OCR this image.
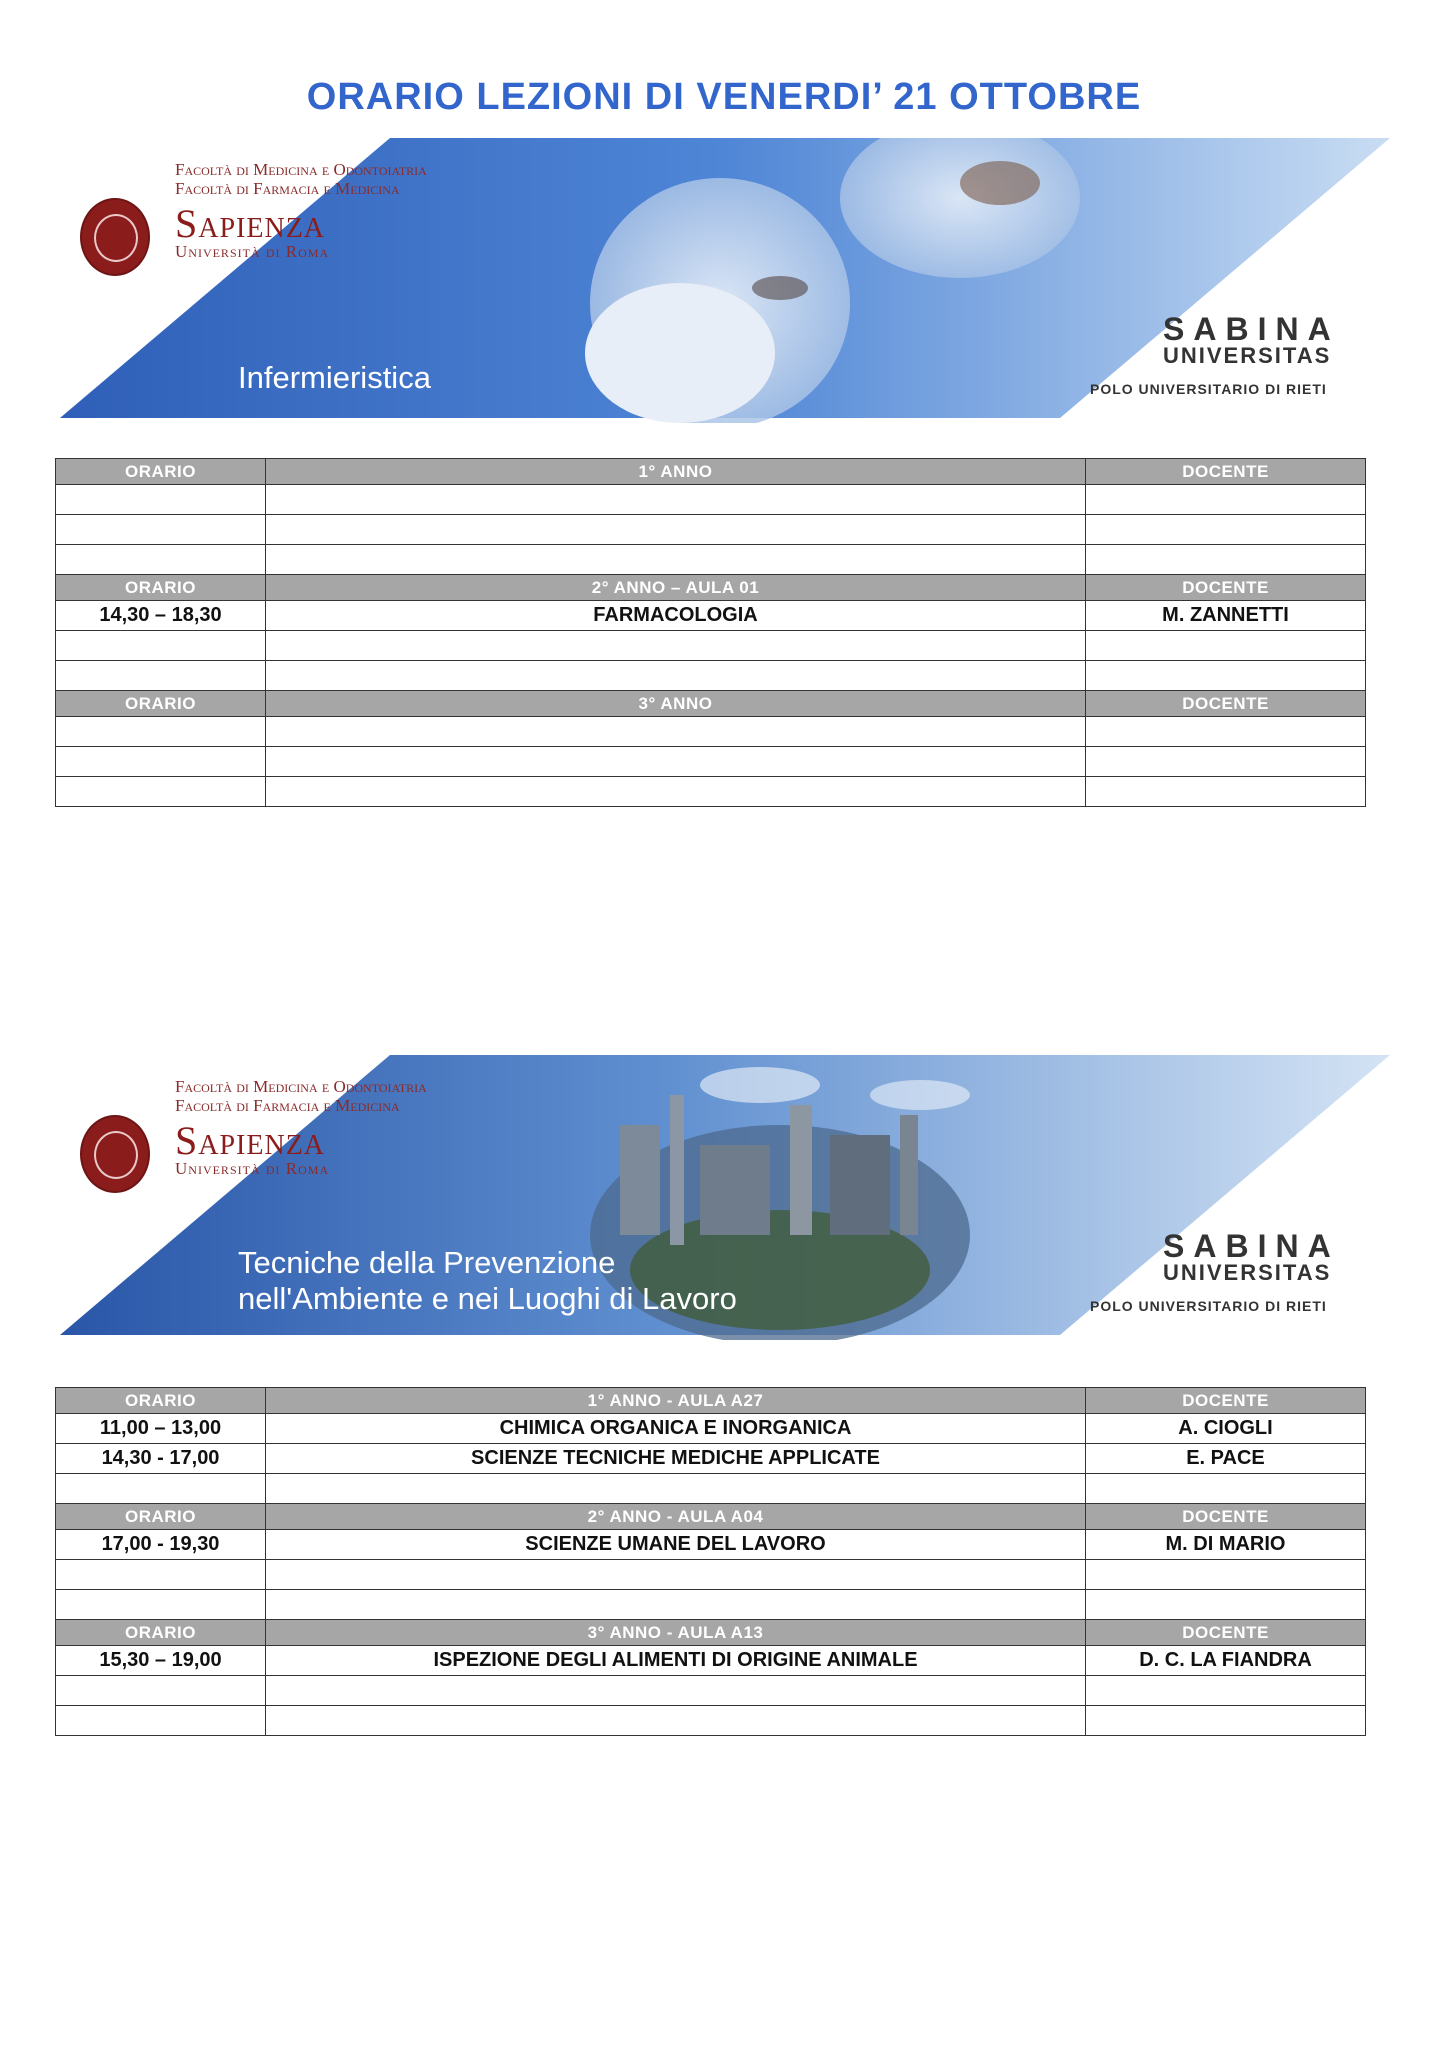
ORARIO LEZIONI DI VENERDI’ 21 OTTOBRE
Facoltà di Medicina e Odontoiatria
Facoltà di Farmacia e Medicina
Sapienza
Università di Roma
Infermieristica
SABINA
UNIVERSITAS
POLO UNIVERSITARIO DI RIETI
ORARIO	1° ANNO	DOCENTE

ORARIO	2° ANNO – AULA 01	DOCENTE
14,30 – 18,30	FARMACOLOGIA	M. ZANNETTI

ORARIO	3° ANNO	DOCENTE

Facoltà di Medicina e Odontoiatria
Facoltà di Farmacia e Medicina
Sapienza
Università di Roma
Tecniche della Prevenzione
nell'Ambiente e nei Luoghi di Lavoro
SABINA
UNIVERSITAS
POLO UNIVERSITARIO DI RIETI
ORARIO	1° ANNO - AULA A27	DOCENTE
11,00 – 13,00	CHIMICA ORGANICA E INORGANICA	A. CIOGLI
14,30 - 17,00	SCIENZE TECNICHE MEDICHE APPLICATE	E. PACE

ORARIO	2° ANNO - AULA A04	DOCENTE
17,00 - 19,30	SCIENZE UMANE DEL LAVORO	M. DI MARIO

ORARIO	3° ANNO - AULA A13	DOCENTE
15,30 – 19,00	ISPEZIONE DEGLI ALIMENTI DI ORIGINE ANIMALE	D. C. LA FIANDRA
